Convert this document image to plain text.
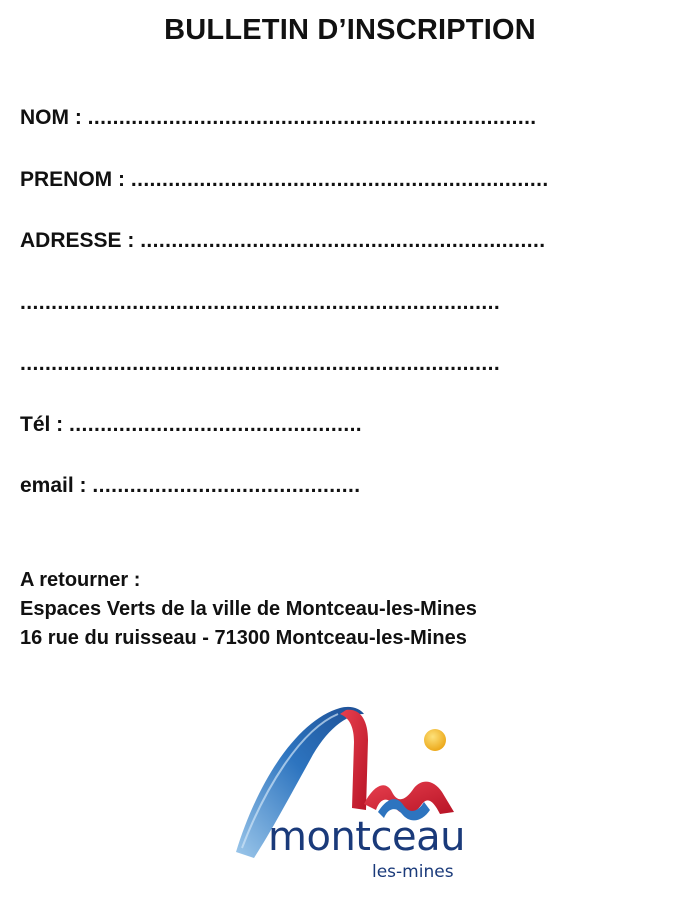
BULLETIN D’INSCRIPTION
NOM : ........................................................................
PRENOM : ...................................................................
ADRESSE : .................................................................
.............................................................................
.............................................................................
Tél : ...............................................
email : ...........................................
A retourner :
Espaces Verts de la ville de Montceau-les-Mines
16 rue du ruisseau - 71300 Montceau-les-Mines
montceau
les-mines
